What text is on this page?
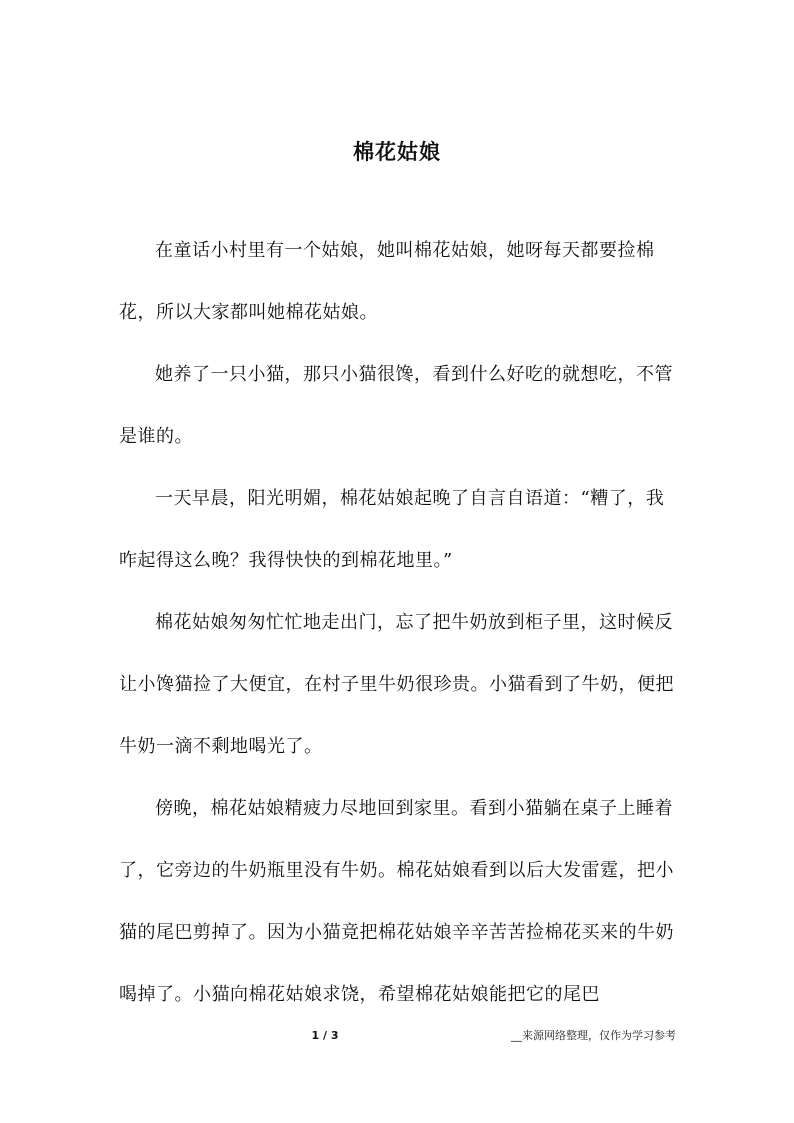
棉花姑娘

在童话小村里有一个姑娘，她叫棉花姑娘，她呀每天都要捡棉花，所以大家都叫她棉花姑娘。

她养了一只小猫，那只小猫很馋，看到什么好吃的就想吃，不管是谁的。

一天早晨，阳光明媚，棉花姑娘起晚了自言自语道：“糟了，我咋起得这么晚？我得快快的到棉花地里。”

棉花姑娘匆匆忙忙地走出门，忘了把牛奶放到柜子里，这时候反让小馋猫捡了大便宜，在村子里牛奶很珍贵。小猫看到了牛奶，便把牛奶一滴不剩地喝光了。

傍晚，棉花姑娘精疲力尽地回到家里。看到小猫躺在桌子上睡着了，它旁边的牛奶瓶里没有牛奶。棉花姑娘看到以后大发雷霆，把小猫的尾巴剪掉了。因为小猫竟把棉花姑娘辛辛苦苦捡棉花买来的牛奶喝掉了。小猫向棉花姑娘求饶，希望棉花姑娘能把它的尾巴

1 / 3	__来源网络整理，仅作为学习参考
